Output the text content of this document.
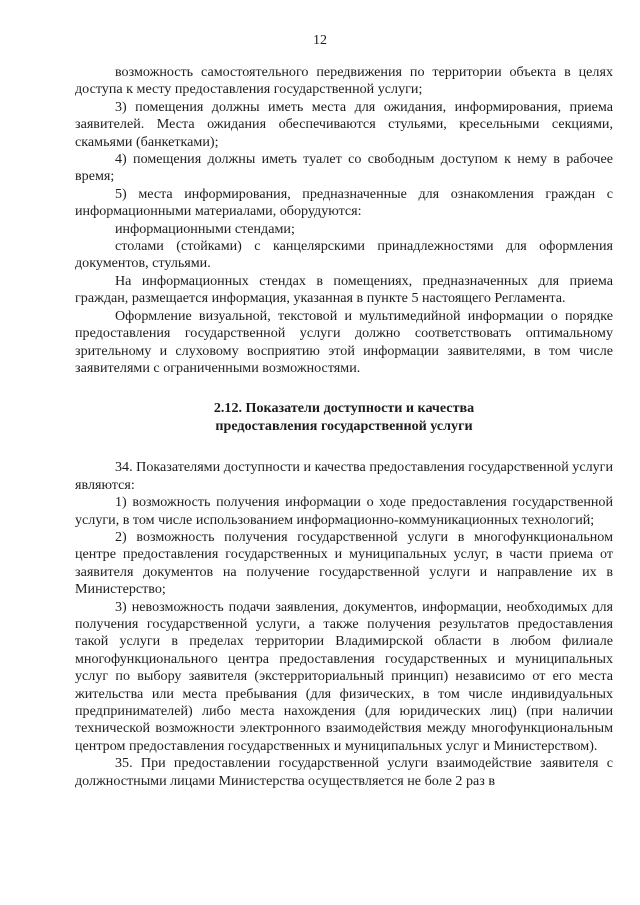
12

возможность самостоятельного передвижения по территории объекта в целях доступа к месту предоставления государственной услуги;

3) помещения должны иметь места для ожидания, информирования, приема заявителей. Места ожидания обеспечиваются стульями, кресельными секциями, скамьями (банкетками);

4) помещения должны иметь туалет со свободным доступом к нему в рабочее время;

5) места информирования, предназначенные для ознакомления граждан с информационными материалами, оборудуются:

информационными стендами;

столами (стойками) с канцелярскими принадлежностями для оформления документов, стульями.

На информационных стендах в помещениях, предназначенных для приема граждан, размещается информация, указанная в пункте 5 настоящего Регламента.

Оформление визуальной, текстовой и мультимедийной информации о порядке предоставления государственной услуги должно соответствовать оптимальному зрительному и слуховому восприятию этой информации заявителями, в том числе заявителями с ограниченными возможностями.

2.12. Показатели доступности и качества
предоставления государственной услуги

34. Показателями доступности и качества предоставления государственной услуги являются:

1) возможность получения информации о ходе предоставления государственной услуги, в том числе использованием информационно-коммуникационных технологий;

2) возможность получения государственной услуги в многофункциональном центре предоставления государственных и муниципальных услуг, в части приема от заявителя документов на получение государственной услуги и направление их в Министерство;

3) невозможность подачи заявления, документов, информации, необходимых для получения государственной услуги, а также получения результатов предоставления такой услуги в пределах территории Владимирской области в любом филиале многофункционального центра предоставления государственных и муниципальных услуг по выбору заявителя (экстерриториальный принцип) независимо от его места жительства или места пребывания (для физических, в том числе индивидуальных предпринимателей) либо места нахождения (для юридических лиц) (при наличии технической возможности электронного взаимодействия между многофункциональным центром предоставления государственных и муниципальных услуг и Министерством).

35. При предоставлении государственной услуги взаимодействие заявителя с должностными лицами Министерства осуществляется не боле 2 раз в
